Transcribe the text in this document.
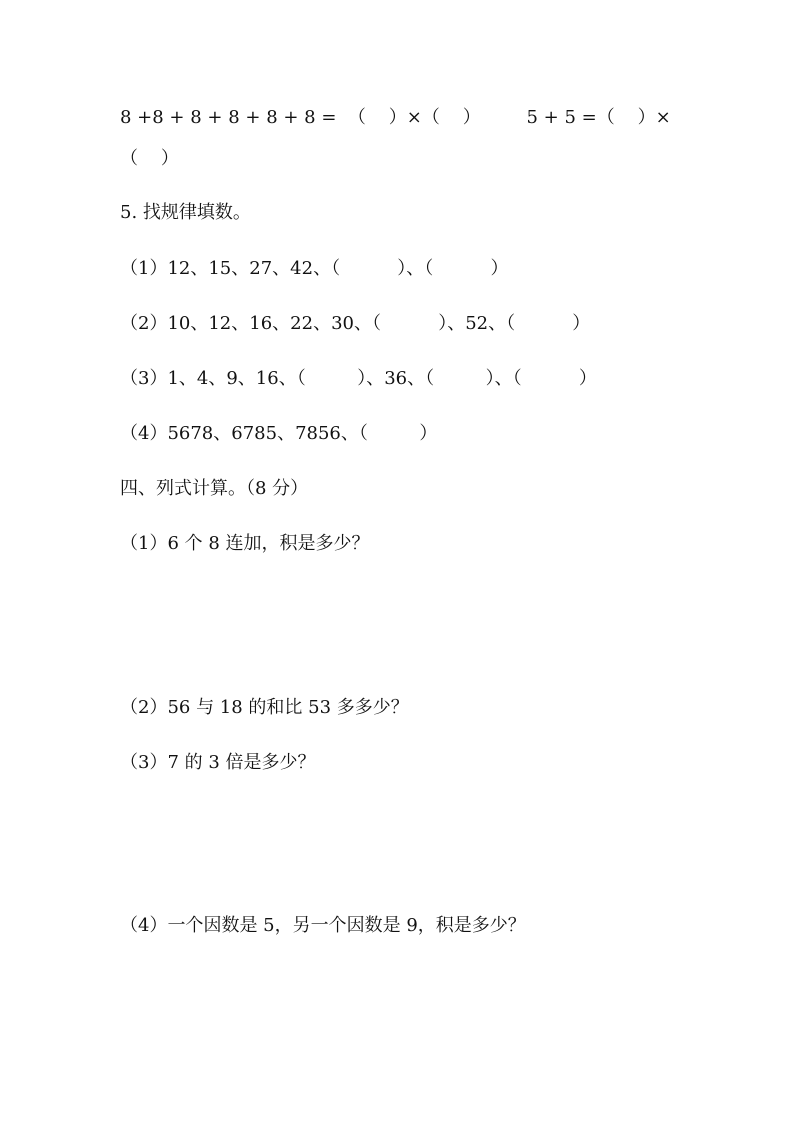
8 +8 + 8 + 8 + 8 + 8 =  （    ）×（    ）        5 + 5 =（    ）×
（    ）
5. 找规律填数。
（1）12、15、27、42、（          ）、（          ）
（2）10、12、16、22、30、（          ）、52、（          ）
（3）1、4、9、16、（         ）、36、（         ）、（          ）
（4）5678、6785、7856、（         ）
四、列式计算。（8 分）
（1）6 个 8 连加，积是多少？
（2）56 与 18 的和比 53 多多少？
（3）7 的 3 倍是多少？
（4）一个因数是 5，另一个因数是 9，积是多少？
